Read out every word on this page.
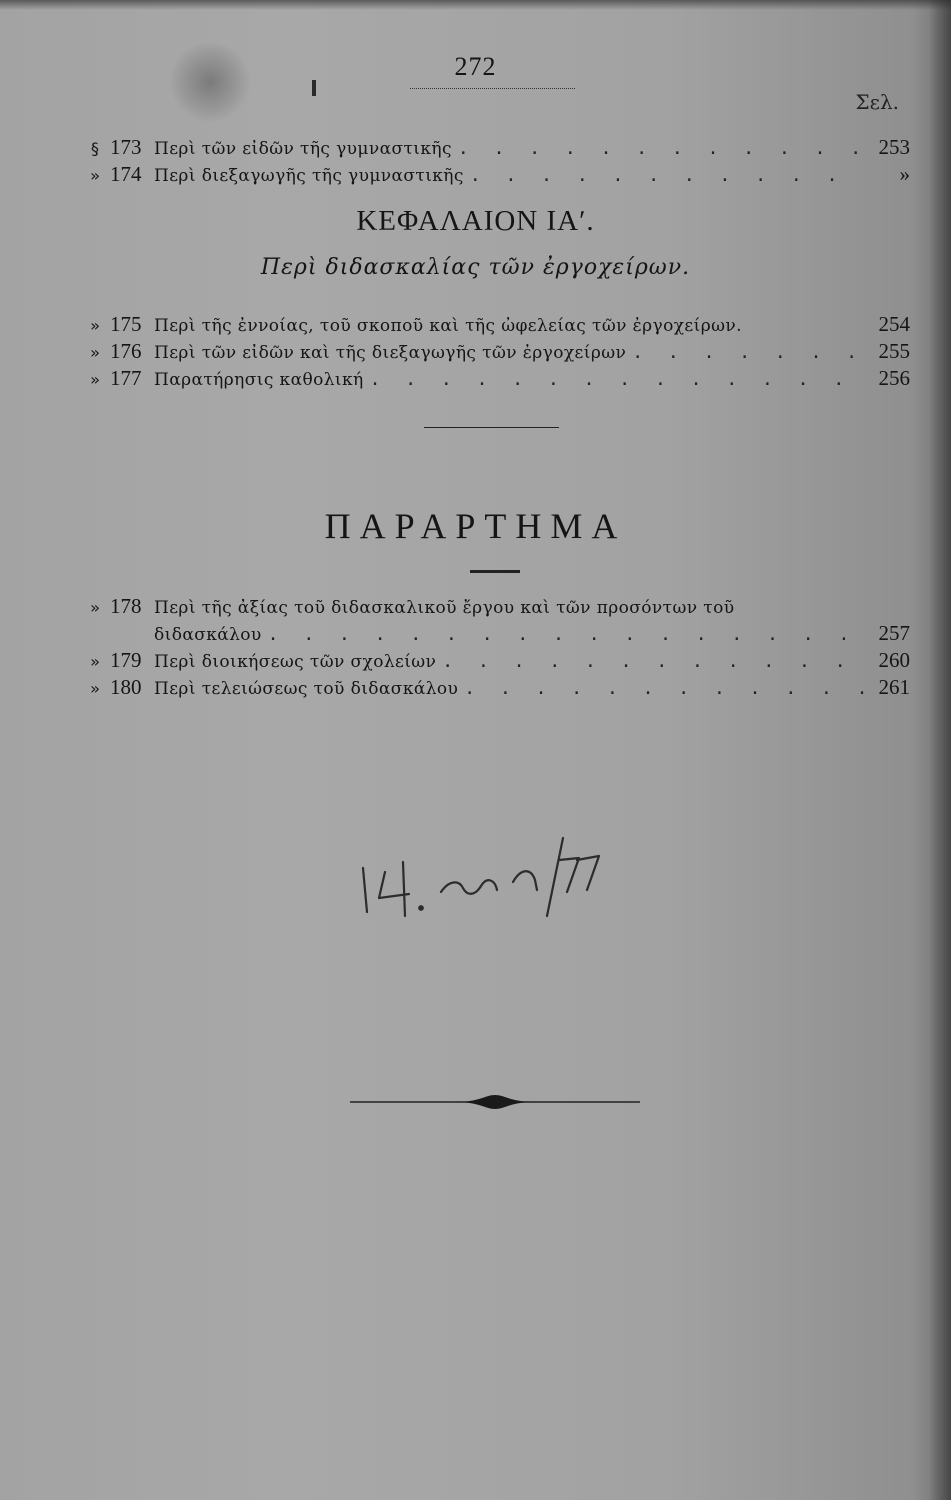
272
Σελ.
§ 173 Περὶ τῶν εἰδῶν τῆς γυμναστικῆς . . .	253
» 174 Περὶ διεξαγωγῆς τῆς γυμναστικῆς . . .	»
ΚΕΦΑΛΑΙΟΝ ΙΑʹ.
Περὶ διδασκαλίας τῶν ἐργοχείρων.
» 175 Περὶ τῆς ἐννοίας, τοῦ σκοποῦ καὶ τῆς ὠφελείας τῶν ἐργοχείρων.	254
» 176 Περὶ τῶν εἰδῶν καὶ τῆς διεξαγωγῆς τῶν ἐργοχείρων . . .	255
» 177 Παρατήρησις καθολική . . .	256
ΠΑΡΑΡΤΗΜΑ
» 178 Περὶ τῆς ἀξίας τοῦ διδασκαλικοῦ ἔργου καὶ τῶν προσόντων τοῦ
διδασκάλου . . .	257
» 179 Περὶ διοικήσεως τῶν σχολείων . . .	260
» 180 Περὶ τελειώσεως τοῦ διδασκάλου . . .	261
